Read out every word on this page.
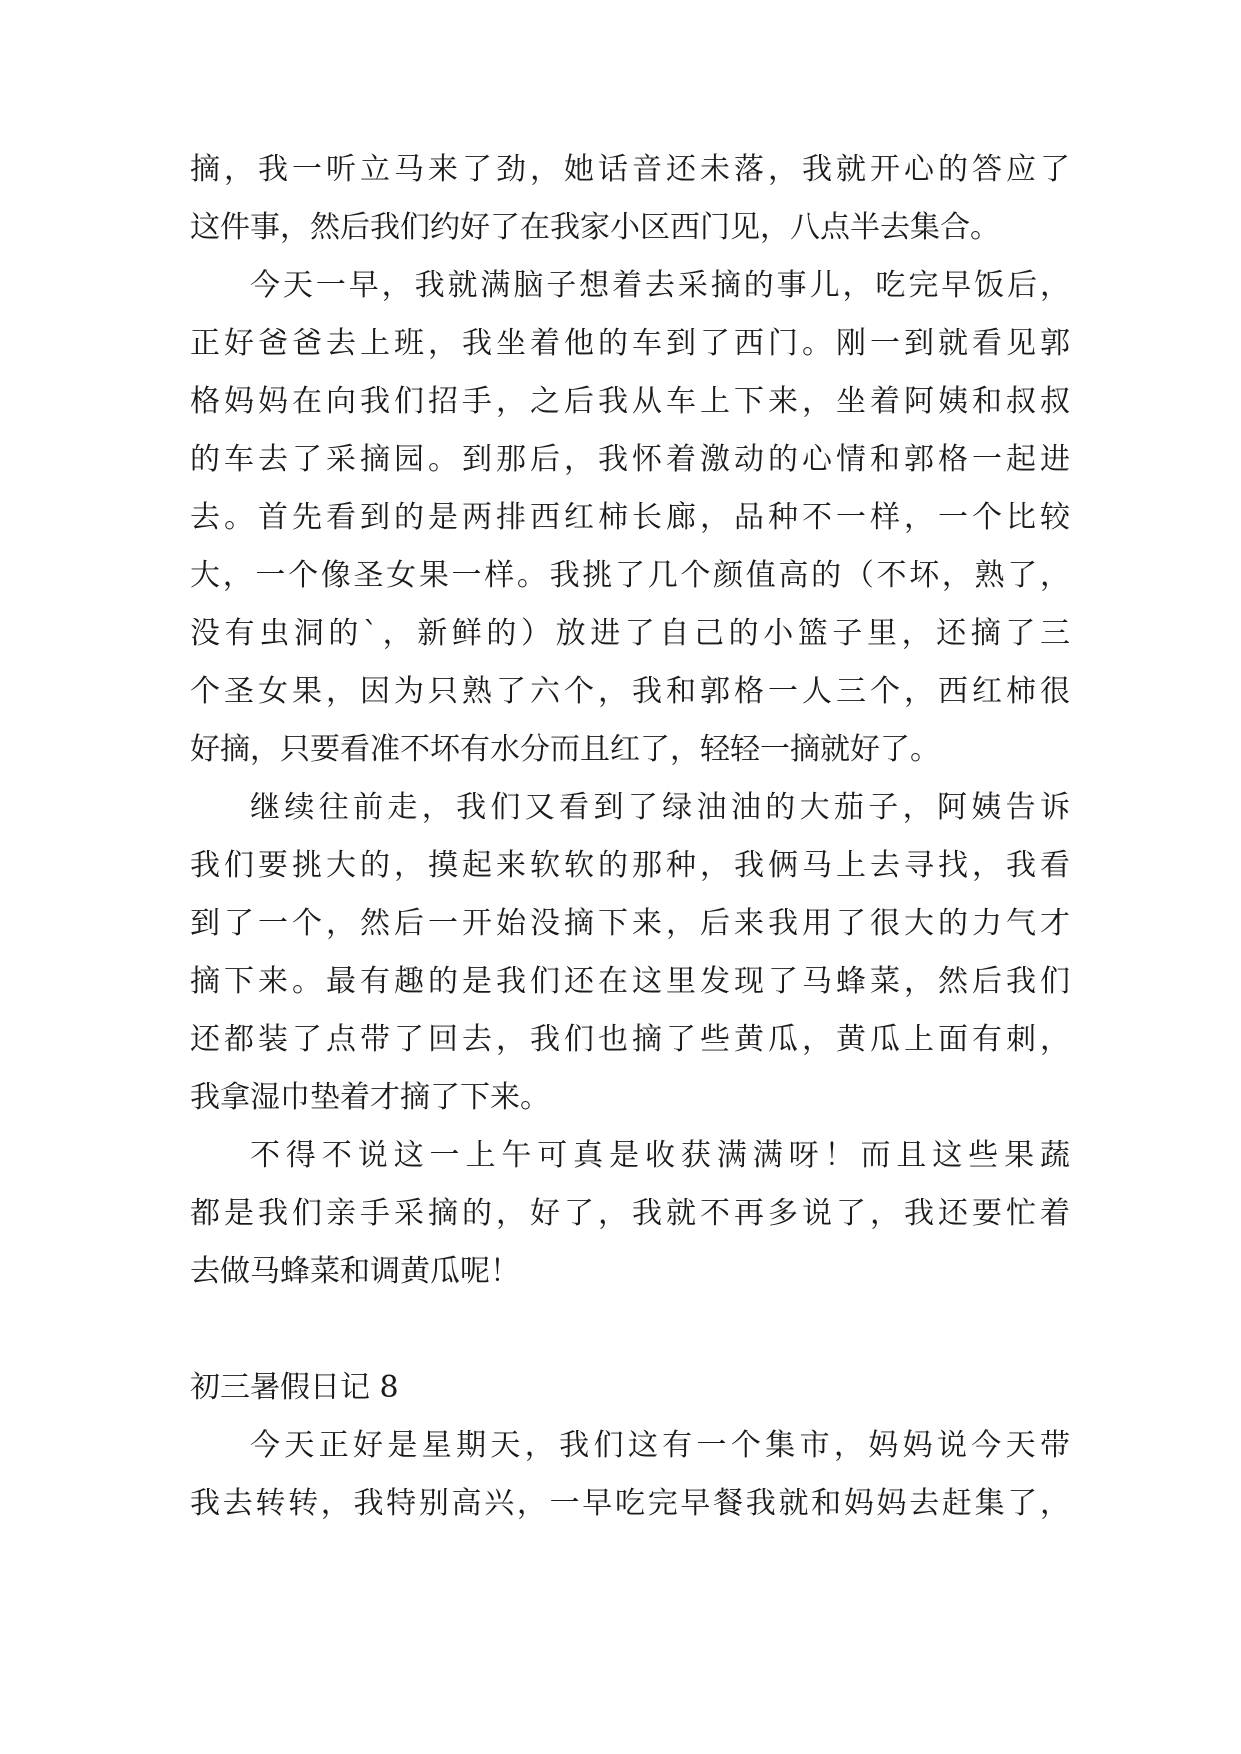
摘，我一听立马来了劲，她话音还未落，我就开心的答应了
这件事，然后我们约好了在我家小区西门见，八点半去集合。
今天一早，我就满脑子想着去采摘的事儿，吃完早饭后，
正好爸爸去上班，我坐着他的车到了西门。刚一到就看见郭
格妈妈在向我们招手，之后我从车上下来，坐着阿姨和叔叔
的车去了采摘园。到那后，我怀着激动的心情和郭格一起进
去。首先看到的是两排西红柿长廊，品种不一样，一个比较
大，一个像圣女果一样。我挑了几个颜值高的（不坏，熟了，
没有虫洞的`，新鲜的）放进了自己的小篮子里，还摘了三
个圣女果，因为只熟了六个，我和郭格一人三个，西红柿很
好摘，只要看准不坏有水分而且红了，轻轻一摘就好了。
继续往前走，我们又看到了绿油油的大茄子，阿姨告诉
我们要挑大的，摸起来软软的那种，我俩马上去寻找，我看
到了一个，然后一开始没摘下来，后来我用了很大的力气才
摘下来。最有趣的是我们还在这里发现了马蜂菜，然后我们
还都装了点带了回去，我们也摘了些黄瓜，黄瓜上面有刺，
我拿湿巾垫着才摘了下来。
不得不说这一上午可真是收获满满呀！而且这些果蔬
都是我们亲手采摘的，好了，我就不再多说了，我还要忙着
去做马蜂菜和调黄瓜呢！
初三暑假日记 8
今天正好是星期天，我们这有一个集市，妈妈说今天带
我去转转，我特别高兴，一早吃完早餐我就和妈妈去赶集了，
